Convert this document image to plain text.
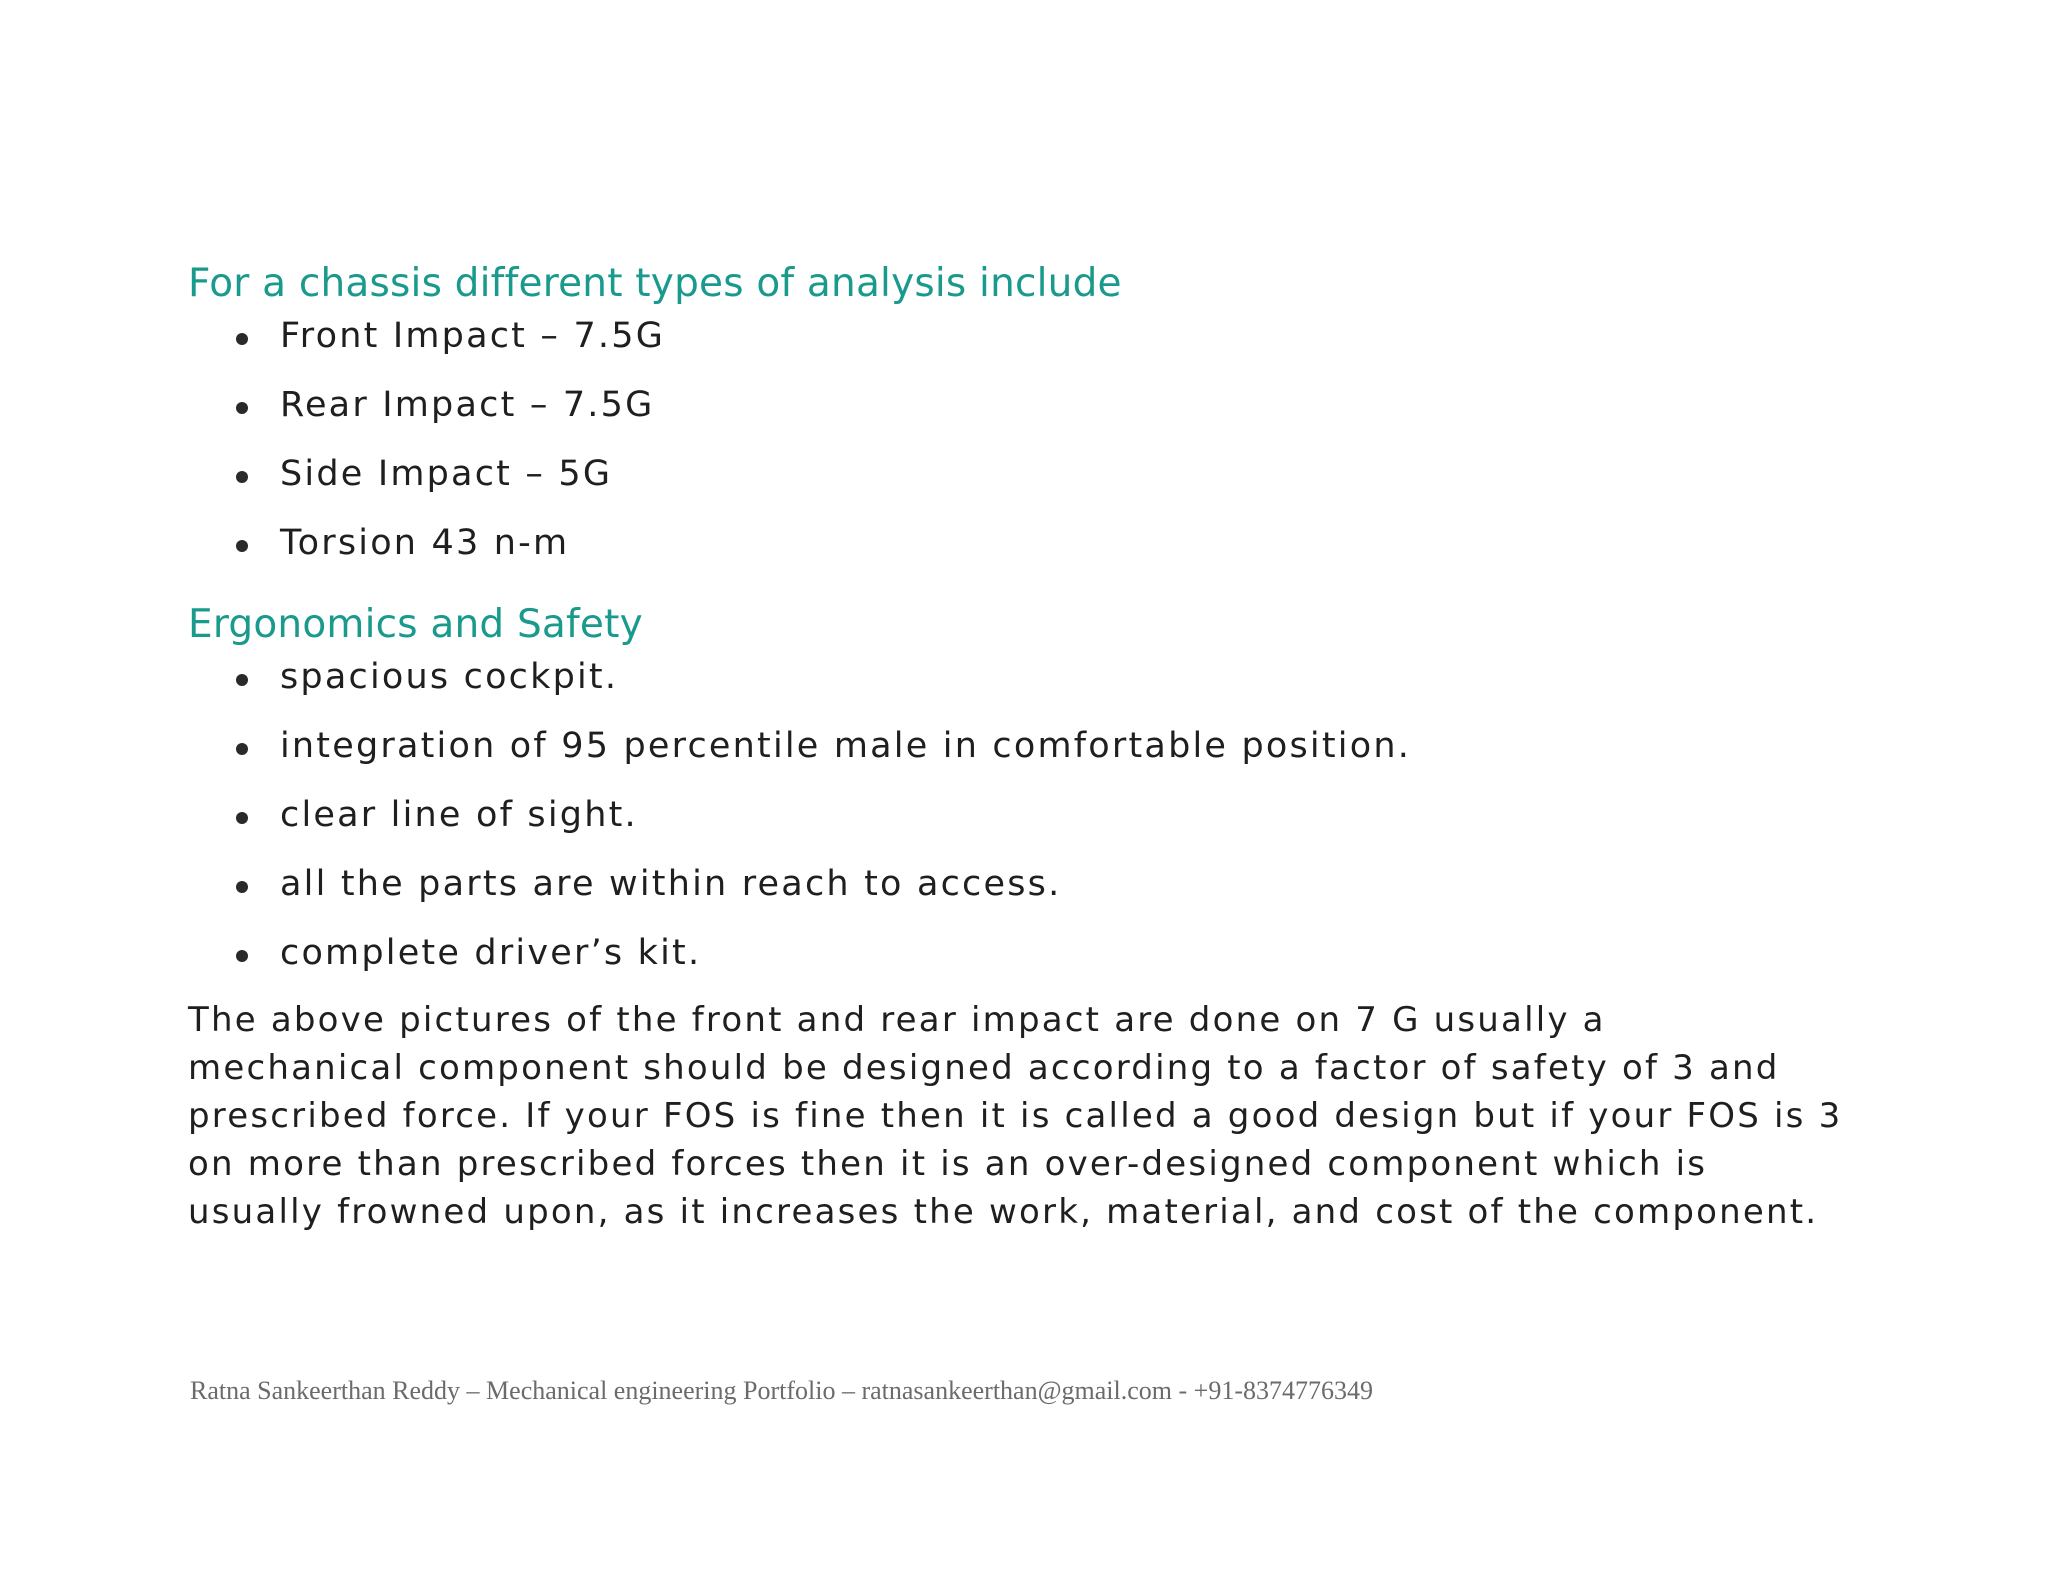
For a chassis different types of analysis include
Front Impact – 7.5G
Rear Impact – 7.5G
Side Impact – 5G
Torsion 43 n-m
Ergonomics and Safety
spacious cockpit.
integration of 95 percentile male in comfortable position.
clear line of sight.
all the parts are within reach to access.
complete driver’s kit.

The above pictures of the front and rear impact are done on 7 G usually a
mechanical component should be designed according to a factor of safety of 3 and
prescribed force. If your FOS is fine then it is called a good design but if your FOS is 3
on more than prescribed forces then it is an over-designed component which is
usually frowned upon, as it increases the work, material, and cost of the component.

Ratna Sankeerthan Reddy – Mechanical engineering Portfolio – ratnasankeerthan@gmail.com - +91-8374776349
